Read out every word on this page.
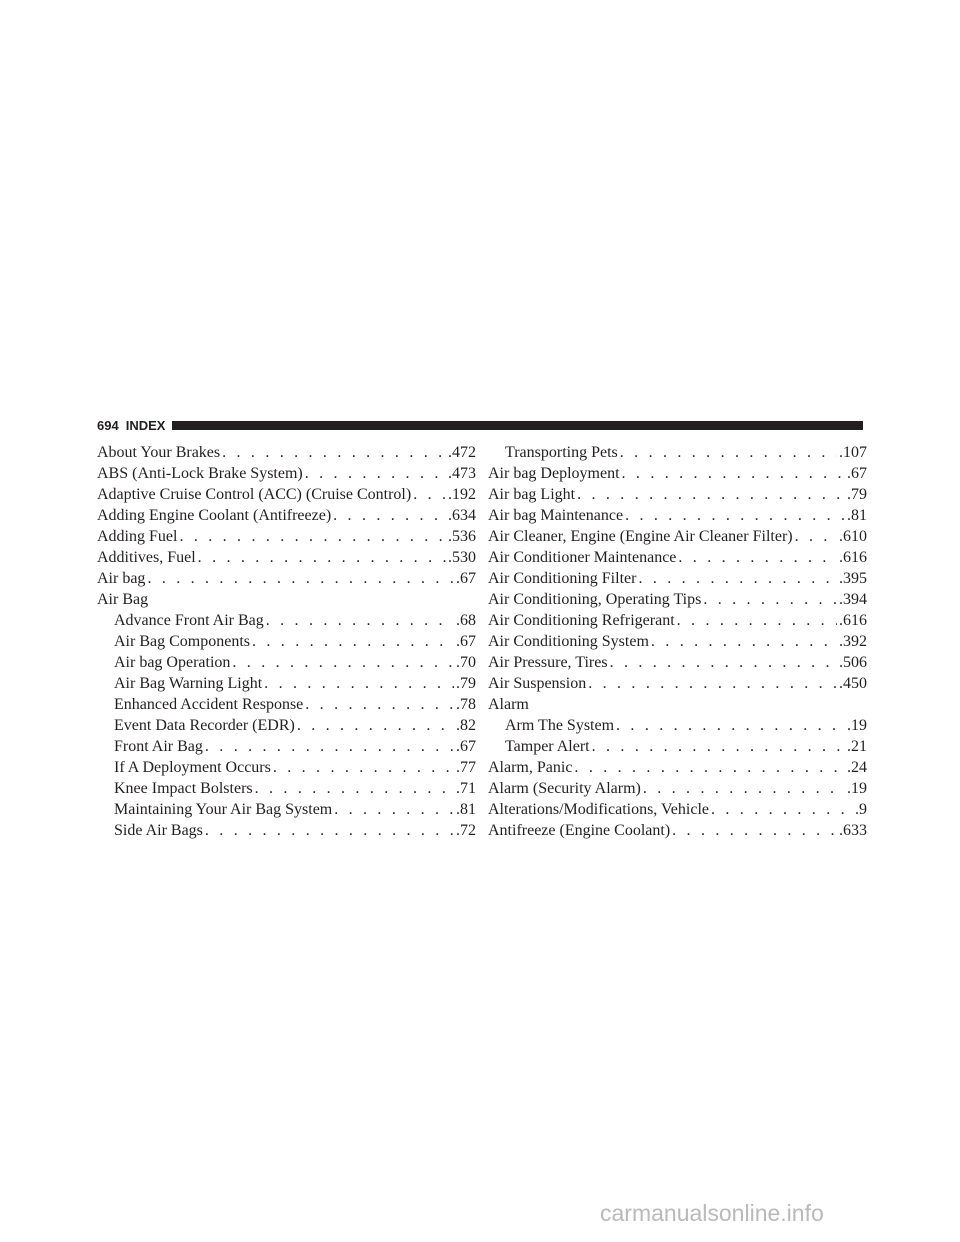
694 INDEX
About Your Brakes . . .	.472
ABS (Anti-Lock Brake System) . . .	.473
Adaptive Cruise Control (ACC) (Cruise Control) . . . .192
Adding Engine Coolant (Antifreeze) . . .	.634
Adding Fuel . . .	.536
Additives, Fuel . . .	.530
Air bag . . .	.67
Air Bag
Advance Front Air Bag . . .	.68
Air Bag Components . . .	.67
Air bag Operation . . .	.70
Air Bag Warning Light . . .	.79
Enhanced Accident Response . . .	.78
Event Data Recorder (EDR) . . .	.82
Front Air Bag . . .	.67
If A Deployment Occurs . . .	.77
Knee Impact Bolsters . . .	.71
Maintaining Your Air Bag System . . .	.81
Side Air Bags . . .	.72
Transporting Pets . . .	.107
Air bag Deployment . . .	.67
Air bag Light . . .	.79
Air bag Maintenance . . .	.81
Air Cleaner, Engine (Engine Air Cleaner Filter) . . .	.610
Air Conditioner Maintenance . . .	.616
Air Conditioning Filter . . .	.395
Air Conditioning, Operating Tips . . .	.394
Air Conditioning Refrigerant . . .	.616
Air Conditioning System . . .	.392
Air Pressure, Tires . . .	.506
Air Suspension . . .	.450
Alarm
Arm The System . . .	.19
Tamper Alert . . .	.21
Alarm, Panic . . .	.24
Alarm (Security Alarm) . . .	.19
Alterations/Modifications, Vehicle . . .	.9
Antifreeze (Engine Coolant) . . .	.633
carmanualsonline.info
